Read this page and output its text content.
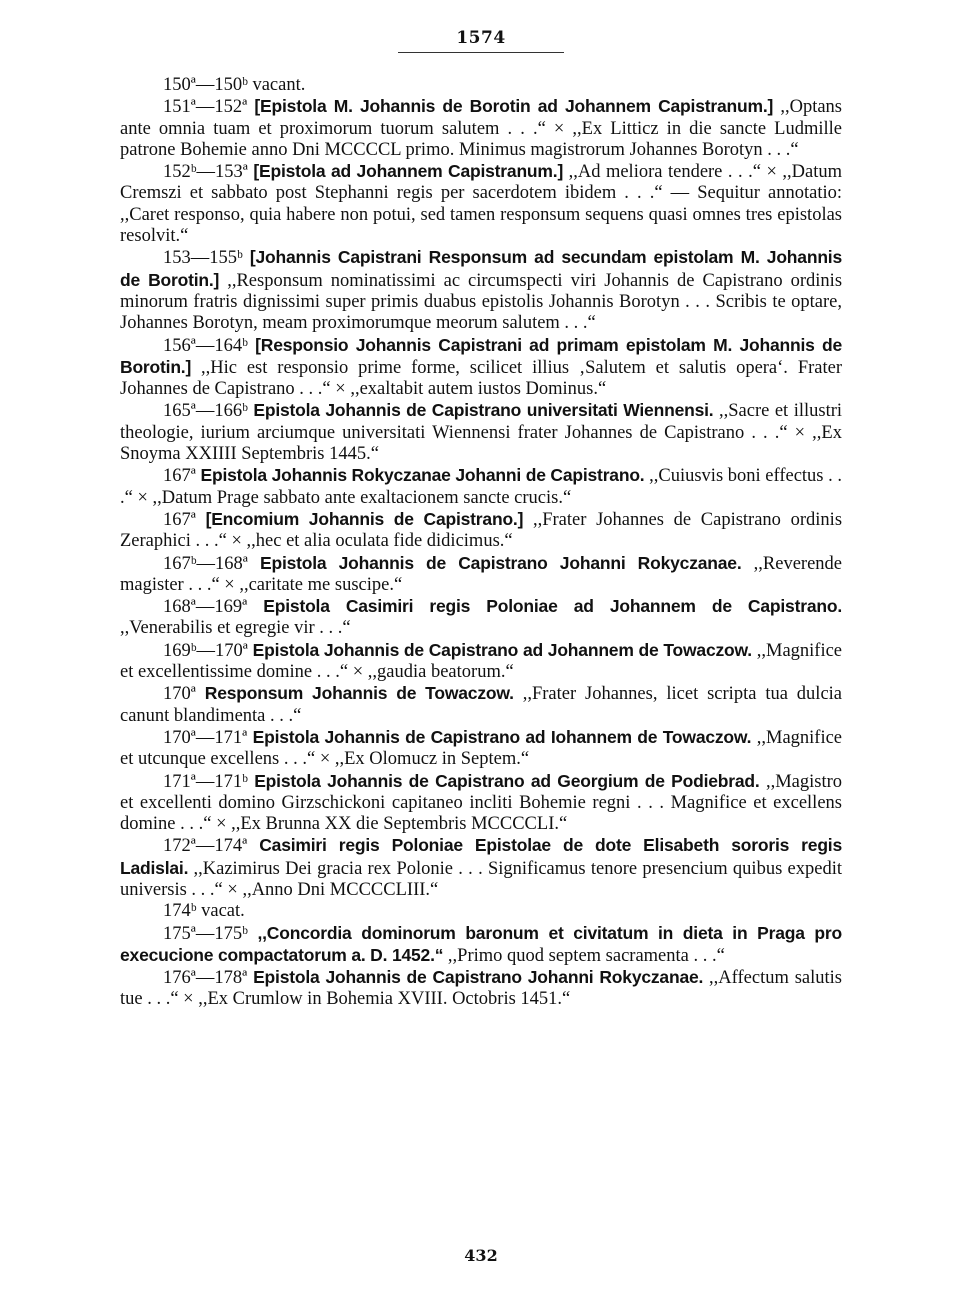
1574

150ª—150ᵇ vacant.

151ª—152ª [Epistola M. Johannis de Borotin ad Johannem Capistranum.] ,,Optans ante omnia tuam et proximorum tuorum salutem . . .“ × ,,Ex Litticz in die sancte Ludmille patrone Bohemie anno Dni MCCCCL primo. Minimus magistrorum Johannes Borotyn . . .“

152ᵇ—153ª [Epistola ad Johannem Capistranum.] ,,Ad meliora tendere . . .“ × ,,Datum Cremszi et sabbato post Stephanni regis per sacerdotem ibidem . . .“ — Sequitur annotatio: ,,Caret responso, quia habere non potui, sed tamen responsum sequens quasi omnes tres epistolas resolvit.“

153—155ᵇ [Johannis Capistrani Responsum ad secundam epistolam M. Johannis de Borotin.] ,,Responsum nominatissimi ac circumspecti viri Johannis de Capistrano ordinis minorum fratris dignissimi super primis duabus epistolis Johannis Borotyn . . . Scribis te optare, Johannes Borotyn, meam proximorumque meorum salutem . . .“

156ª—164ᵇ [Responsio Johannis Capistrani ad primam epistolam M. Johannis de Borotin.] ,,Hic est responsio prime forme, scilicet illius ‚Salutem et salutis opera‘. Frater Johannes de Capistrano . . .“ × ,,exaltabit autem iustos Dominus.“

165ª—166ᵇ Epistola Johannis de Capistrano universitati Wiennensi. ,,Sacre et illustri theologie, iurium arciumque universitati Wiennensi frater Johannes de Capistrano . . .“ × ,,Ex Snoyma XXIIII Septembris 1445.“

167ª Epistola Johannis Rokyczanae Johanni de Capistrano. ,,Cuiusvis boni effectus . . .“ × ,,Datum Prage sabbato ante exaltacionem sancte crucis.“

167ª [Encomium Johannis de Capistrano.] ,,Frater Johannes de Capistrano ordinis Zeraphici . . .“ × ,,hec et alia oculata fide didicimus.“

167ᵇ—168ª Epistola Johannis de Capistrano Johanni Rokyczanae. ,,Reverende magister . . .“ × ,,caritate me suscipe.“

168ª—169ª Epistola Casimiri regis Poloniae ad Johannem de Capistrano. ,,Venerabilis et egregie vir . . .“

169ᵇ—170ª Epistola Johannis de Capistrano ad Johannem de Towaczow. ,,Magnifice et excellentissime domine . . .“ × ,,gaudia beatorum.“

170ª Responsum Johannis de Towaczow. ,,Frater Johannes, licet scripta tua dulcia canunt blandimenta . . .“

170ª—171ª Epistola Johannis de Capistrano ad Iohannem de Towaczow. ,,Magnifice et utcunque excellens . . .“ × ,,Ex Olomucz in Septem.“

171ª—171ᵇ Epistola Johannis de Capistrano ad Georgium de Podiebrad. ,,Magistro et excellenti domino Girzschickoni capitaneo incliti Bohemie regni . . . Magnifice et excellens domine . . .“ × ,,Ex Brunna XX die Septembris MCCCCLI.“

172ª—174ª Casimiri regis Poloniae Epistolae de dote Elisabeth sororis regis Ladislai. ,,Kazimirus Dei gracia rex Polonie . . . Significamus tenore presencium quibus expedit universis . . .“ × ,,Anno Dni MCCCCLIII.“

174ᵇ vacat.

175ª—175ᵇ ,,Concordia dominorum baronum et civitatum in dieta in Praga pro execucione compactatorum a. D. 1452.“ ,,Primo quod septem sacramenta . . .“

176ª—178ª Epistola Johannis de Capistrano Johanni Rokyczanae. ,,Affectum salutis tue . . .“ × ,,Ex Crumlow in Bohemia XVIII. Octobris 1451.“

432
